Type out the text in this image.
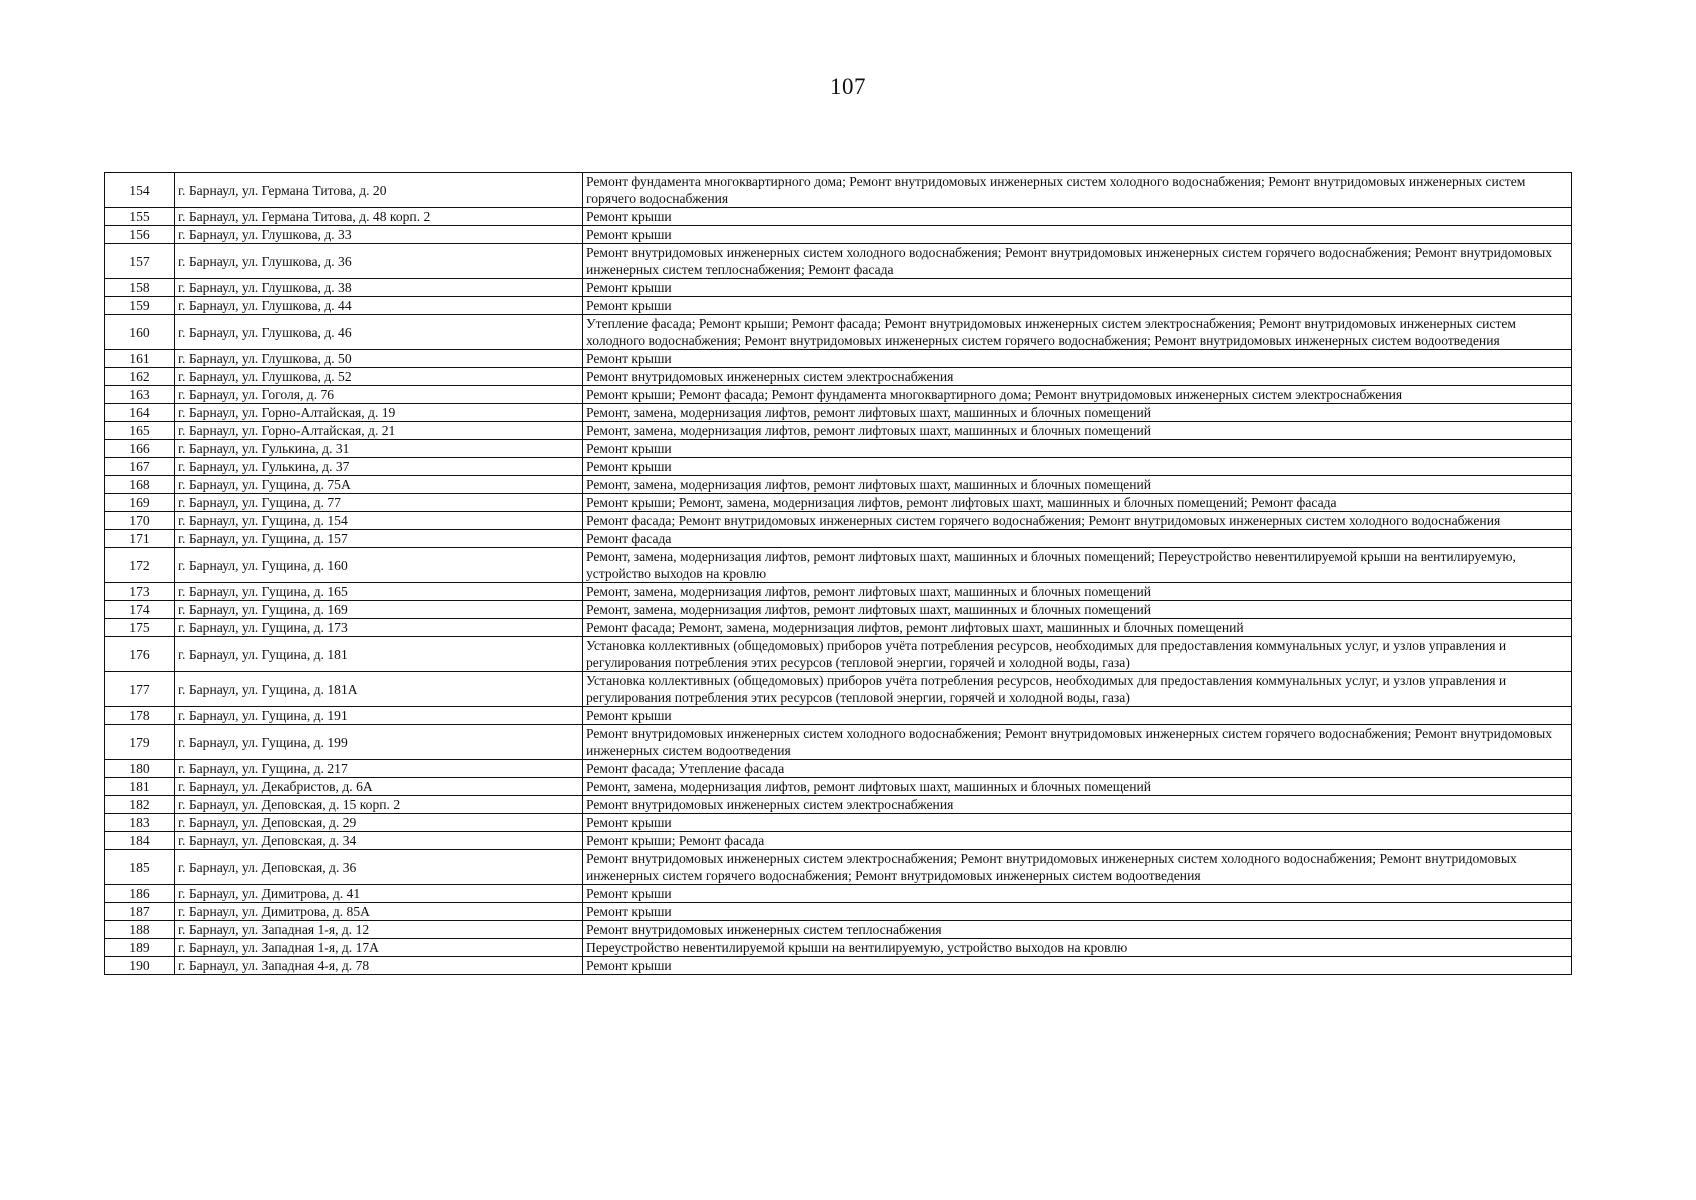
107
154	г. Барнаул, ул. Германа Титова, д. 20	Ремонт фундамента многоквартирного дома; Ремонт внутридомовых инженерных систем холодного водоснабжения; Ремонт внутридомовых инженерных систем горячего водоснабжения
155	г. Барнаул, ул. Германа Титова, д. 48 корп. 2	Ремонт крыши
156	г. Барнаул, ул. Глушкова, д. 33	Ремонт крыши
157	г. Барнаул, ул. Глушкова, д. 36	Ремонт внутридомовых инженерных систем холодного водоснабжения; Ремонт внутридомовых инженерных систем горячего водоснабжения; Ремонт внутридомовых инженерных систем теплоснабжения; Ремонт фасада
158	г. Барнаул, ул. Глушкова, д. 38	Ремонт крыши
159	г. Барнаул, ул. Глушкова, д. 44	Ремонт крыши
160	г. Барнаул, ул. Глушкова, д. 46	Утепление фасада; Ремонт крыши; Ремонт фасада; Ремонт внутридомовых инженерных систем электроснабжения; Ремонт внутридомовых инженерных систем холодного водоснабжения; Ремонт внутридомовых инженерных систем горячего водоснабжения; Ремонт внутридомовых инженерных систем водоотведения
161	г. Барнаул, ул. Глушкова, д. 50	Ремонт крыши
162	г. Барнаул, ул. Глушкова, д. 52	Ремонт внутридомовых инженерных систем электроснабжения
163	г. Барнаул, ул. Гоголя, д. 76	Ремонт крыши; Ремонт фасада; Ремонт фундамента многоквартирного дома; Ремонт внутридомовых инженерных систем электроснабжения
164	г. Барнаул, ул. Горно-Алтайская, д. 19	Ремонт, замена, модернизация лифтов, ремонт лифтовых шахт, машинных и блочных помещений
165	г. Барнаул, ул. Горно-Алтайская, д. 21	Ремонт, замена, модернизация лифтов, ремонт лифтовых шахт, машинных и блочных помещений
166	г. Барнаул, ул. Гулькина, д. 31	Ремонт крыши
167	г. Барнаул, ул. Гулькина, д. 37	Ремонт крыши
168	г. Барнаул, ул. Гущина, д. 75А	Ремонт, замена, модернизация лифтов, ремонт лифтовых шахт, машинных и блочных помещений
169	г. Барнаул, ул. Гущина, д. 77	Ремонт крыши; Ремонт, замена, модернизация лифтов, ремонт лифтовых шахт, машинных и блочных помещений; Ремонт фасада
170	г. Барнаул, ул. Гущина, д. 154	Ремонт фасада; Ремонт внутридомовых инженерных систем горячего водоснабжения; Ремонт внутридомовых инженерных систем холодного водоснабжения
171	г. Барнаул, ул. Гущина, д. 157	Ремонт фасада
172	г. Барнаул, ул. Гущина, д. 160	Ремонт, замена, модернизация лифтов, ремонт лифтовых шахт, машинных и блочных помещений; Переустройство невентилируемой крыши на вентилируемую, устройство выходов на кровлю
173	г. Барнаул, ул. Гущина, д. 165	Ремонт, замена, модернизация лифтов, ремонт лифтовых шахт, машинных и блочных помещений
174	г. Барнаул, ул. Гущина, д. 169	Ремонт, замена, модернизация лифтов, ремонт лифтовых шахт, машинных и блочных помещений
175	г. Барнаул, ул. Гущина, д. 173	Ремонт фасада; Ремонт, замена, модернизация лифтов, ремонт лифтовых шахт, машинных и блочных помещений
176	г. Барнаул, ул. Гущина, д. 181	Установка коллективных (общедомовых) приборов учёта потребления ресурсов, необходимых для предоставления коммунальных услуг, и узлов управления и регулирования потребления этих ресурсов (тепловой энергии, горячей и холодной воды, газа)
177	г. Барнаул, ул. Гущина, д. 181А	Установка коллективных (общедомовых) приборов учёта потребления ресурсов, необходимых для предоставления коммунальных услуг, и узлов управления и регулирования потребления этих ресурсов (тепловой энергии, горячей и холодной воды, газа)
178	г. Барнаул, ул. Гущина, д. 191	Ремонт крыши
179	г. Барнаул, ул. Гущина, д. 199	Ремонт внутридомовых инженерных систем холодного водоснабжения; Ремонт внутридомовых инженерных систем горячего водоснабжения; Ремонт внутридомовых инженерных систем водоотведения
180	г. Барнаул, ул. Гущина, д. 217	Ремонт фасада; Утепление фасада
181	г. Барнаул, ул. Декабристов, д. 6А	Ремонт, замена, модернизация лифтов, ремонт лифтовых шахт, машинных и блочных помещений
182	г. Барнаул, ул. Деповская, д. 15 корп. 2	Ремонт внутридомовых инженерных систем электроснабжения
183	г. Барнаул, ул. Деповская, д. 29	Ремонт крыши
184	г. Барнаул, ул. Деповская, д. 34	Ремонт крыши; Ремонт фасада
185	г. Барнаул, ул. Деповская, д. 36	Ремонт внутридомовых инженерных систем электроснабжения; Ремонт внутридомовых инженерных систем холодного водоснабжения; Ремонт внутридомовых инженерных систем горячего водоснабжения; Ремонт внутридомовых инженерных систем водоотведения
186	г. Барнаул, ул. Димитрова, д. 41	Ремонт крыши
187	г. Барнаул, ул. Димитрова, д. 85А	Ремонт крыши
188	г. Барнаул, ул. Западная 1-я, д. 12	Ремонт внутридомовых инженерных систем теплоснабжения
189	г. Барнаул, ул. Западная 1-я, д. 17А	Переустройство невентилируемой крыши на вентилируемую, устройство выходов на кровлю
190	г. Барнаул, ул. Западная 4-я, д. 78	Ремонт крыши
